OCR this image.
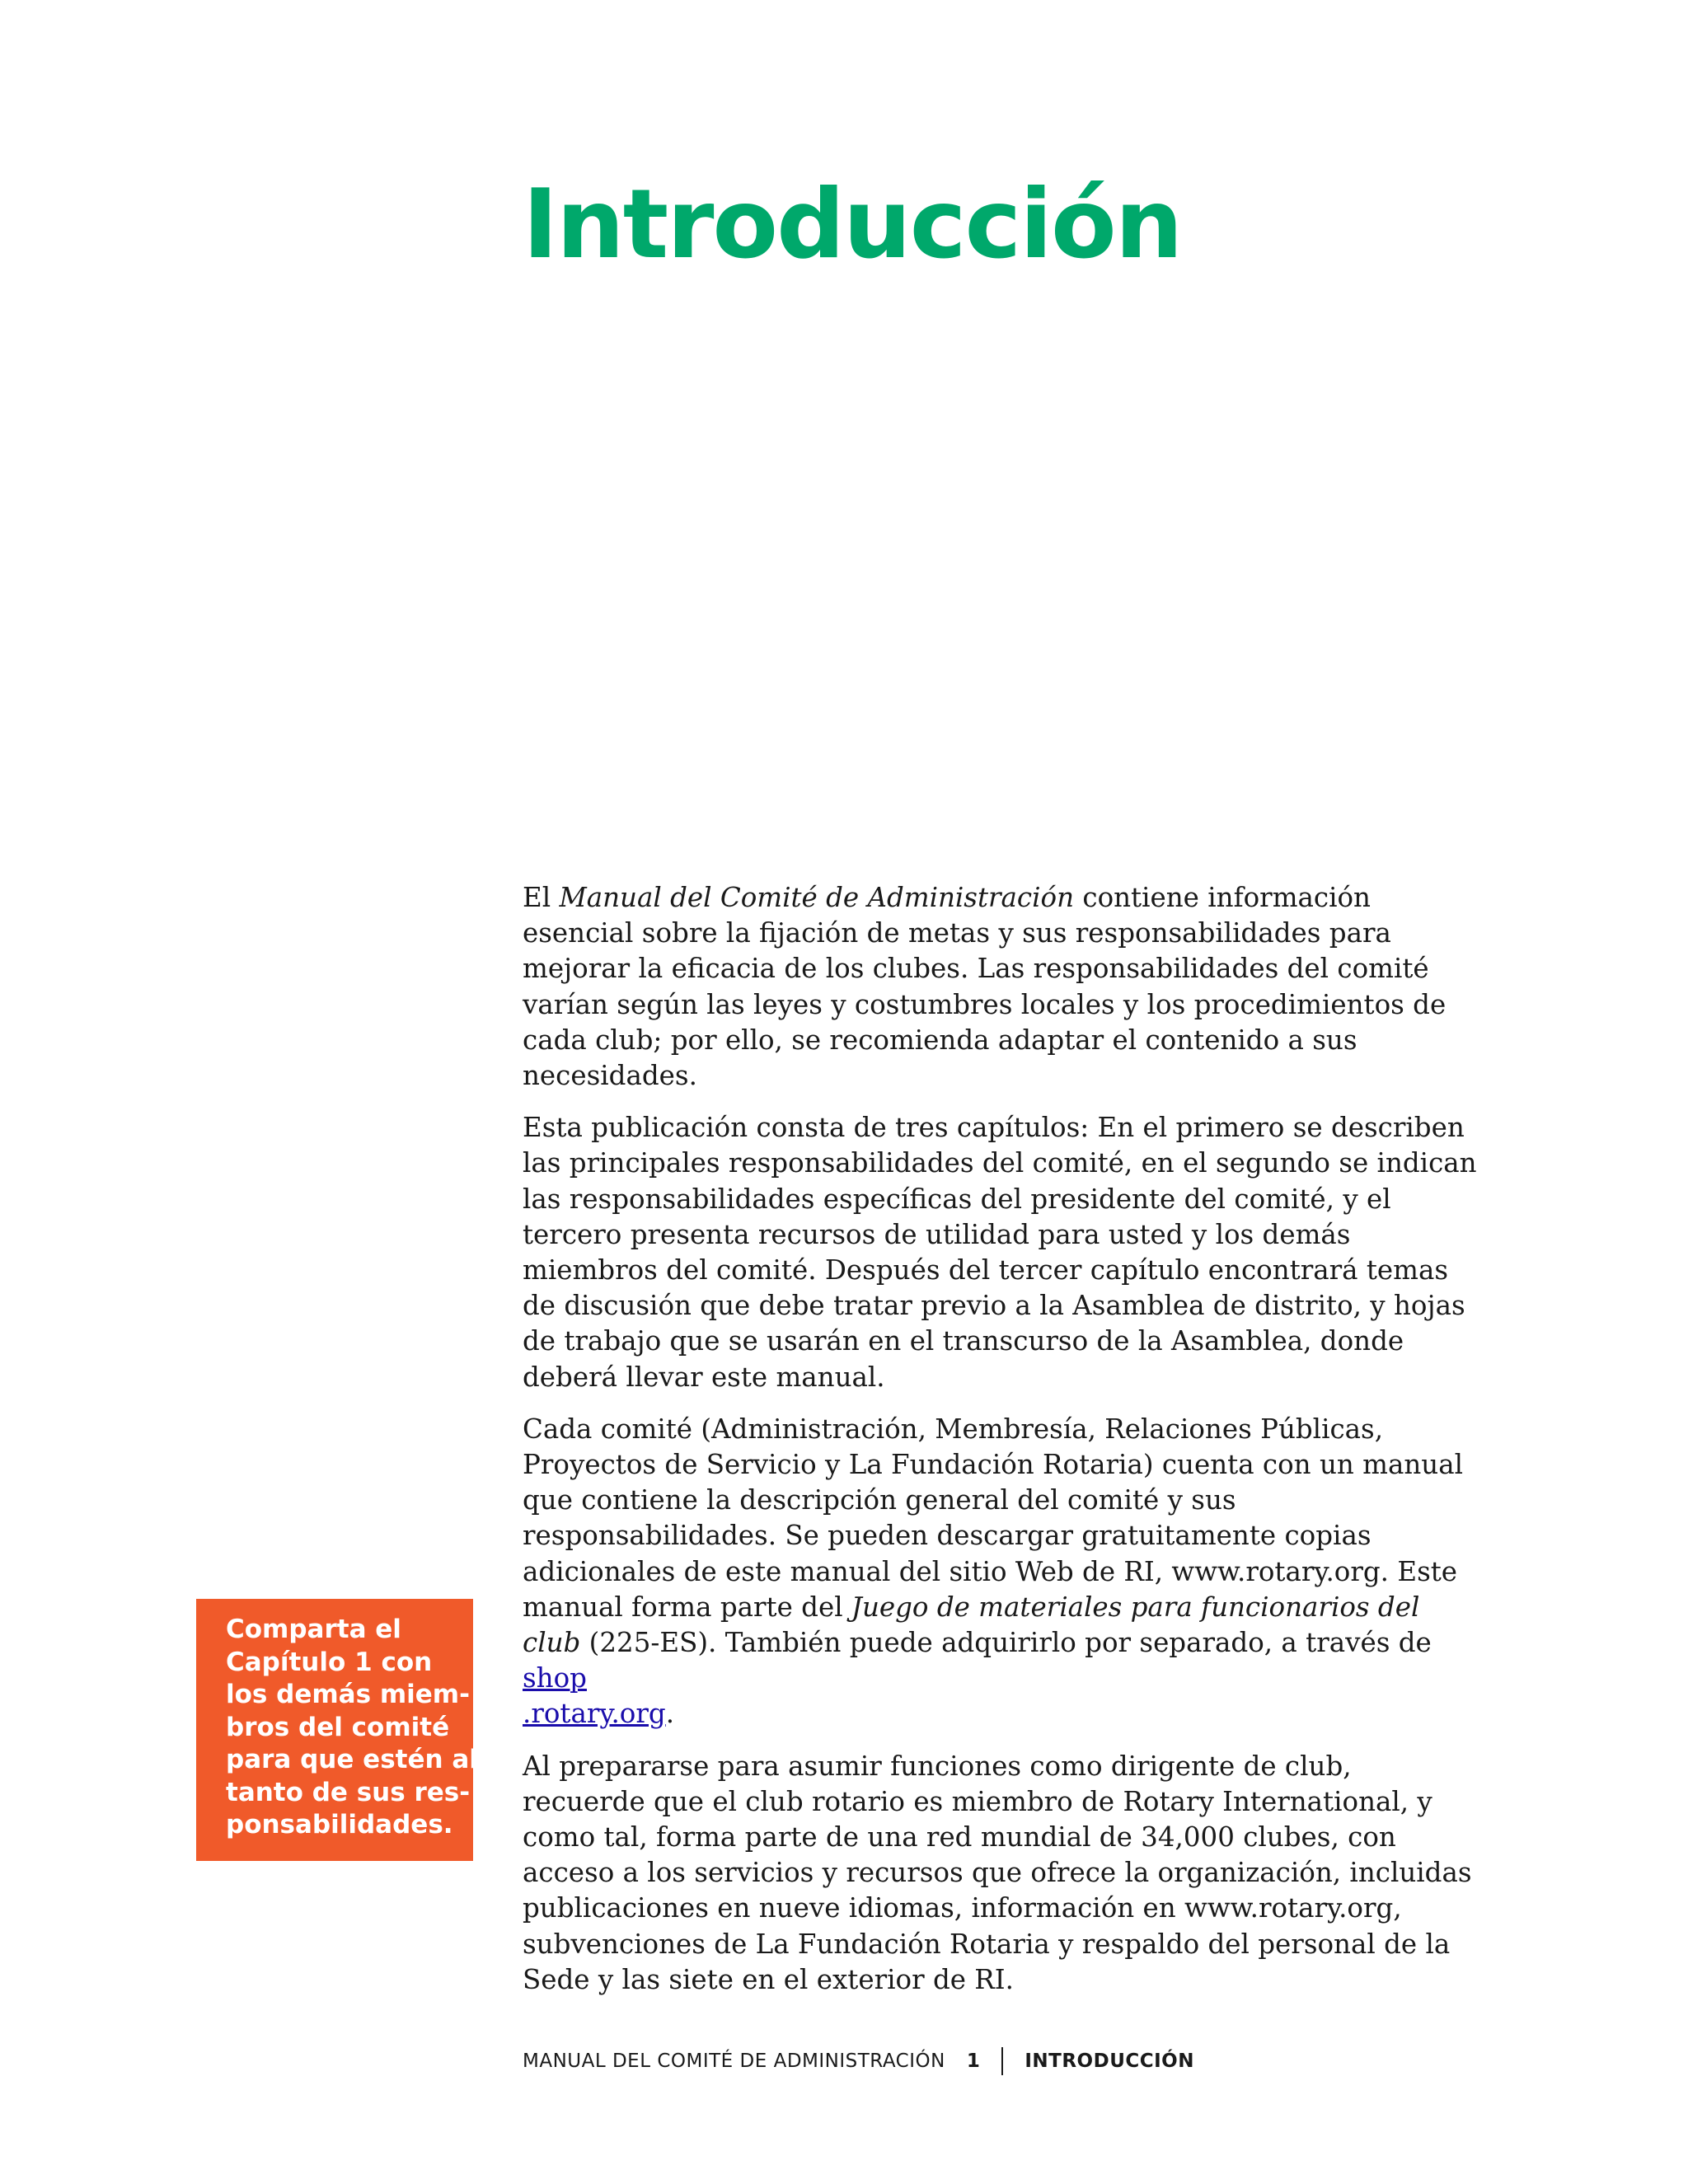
Introducción

El Manual del Comité de Administración contiene información esencial sobre la fijación de metas y sus responsabilidades para mejorar la eficacia de los clubes. Las responsabilidades del comité varían según las leyes y costumbres locales y los procedimientos de cada club; por ello, se recomienda adaptar el contenido a sus necesidades.

Esta publicación consta de tres capítulos: En el primero se describen las principales responsabilidades del comité, en el segundo se indican las responsabilidades específicas del presidente del comité, y el tercero presenta recursos de utilidad para usted y los demás miembros del comité. Después del tercer capítulo encontrará temas de discusión que debe tratar previo a la Asamblea de distrito, y hojas de trabajo que se usarán en el transcurso de la Asamblea, donde deberá llevar este manual.

Cada comité (Administración, Membresía, Relaciones Públicas, Proyectos de Servicio y La Fundación Rotaria) cuenta con un manual que contiene la descripción general del comité y sus responsabilidades. Se pueden descargar gratuitamente copias adicionales de este manual del sitio Web de RI, www.rotary.org. Este manual forma parte del Juego de materiales para funcionarios del club (225-ES). También puede adquirirlo por separado, a través de shop
.rotary.org.

Al prepararse para asumir funciones como dirigente de club, recuerde que el club rotario es miembro de Rotary International, y como tal, forma parte de una red mundial de 34,000 clubes, con acceso a los servicios y recursos que ofrece la organización, incluidas publicaciones en nueve idiomas, información en www.rotary.org, subvenciones de La Fundación Rotaria y respaldo del personal de la Sede y las siete en el exterior de RI.

Comparta el
Capítulo 1 con
los demás miem-
bros del comité
para que estén al
tanto de sus res-
ponsabilidades.
MANUAL DEL COMITÉ DE ADMINISTRACIÓN 1 INTRODUCCIÓN
